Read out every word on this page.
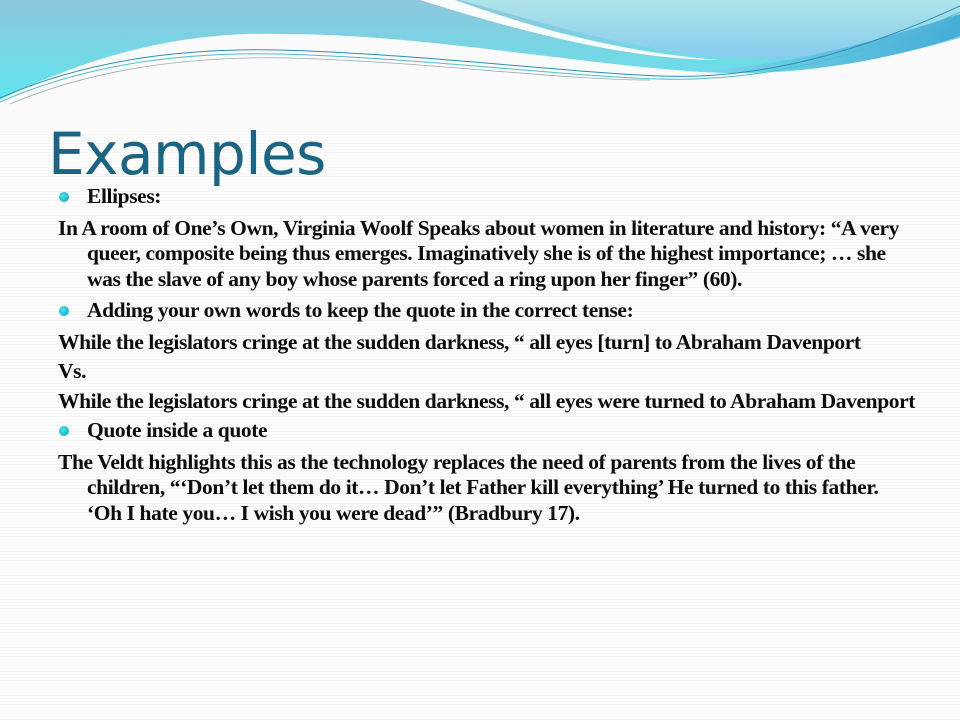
Examples
Ellipses:
In A room of One’s Own, Virginia Woolf Speaks about women in literature and history: “A very queer, composite being thus emerges. Imaginatively she is of the highest importance; … she was the slave of any boy whose parents forced a ring upon her finger” (60).
Adding your own words to keep the quote in the correct tense:
While the legislators cringe at the sudden darkness, “ all eyes [turn] to Abraham Davenport
Vs.
While the legislators cringe at the sudden darkness, “ all eyes were turned to Abraham Davenport
Quote inside a quote
The Veldt highlights this as the technology replaces the need of parents from the lives of the children, “‘Don’t let them do it… Don’t let Father kill everything’ He turned to this father. ‘Oh I hate you… I wish you were dead’” (Bradbury 17).
